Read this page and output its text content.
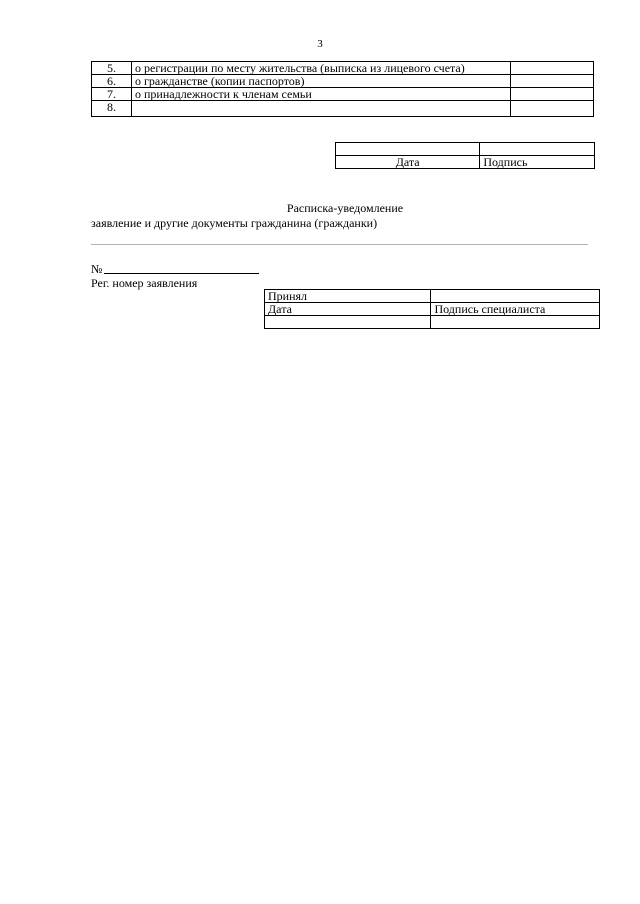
3
5.	о регистрации по месту жительства (выписка из лицевого счета)	
6.	о гражданстве (копии паспортов)	
7.	о принадлежности к членам семьи	
8.		

Дата	Подпись
Расписка-уведомление
заявление и другие документы гражданина (гражданки)
№
Рег. номер заявления
Принял	
Дата	Подпись специалиста
